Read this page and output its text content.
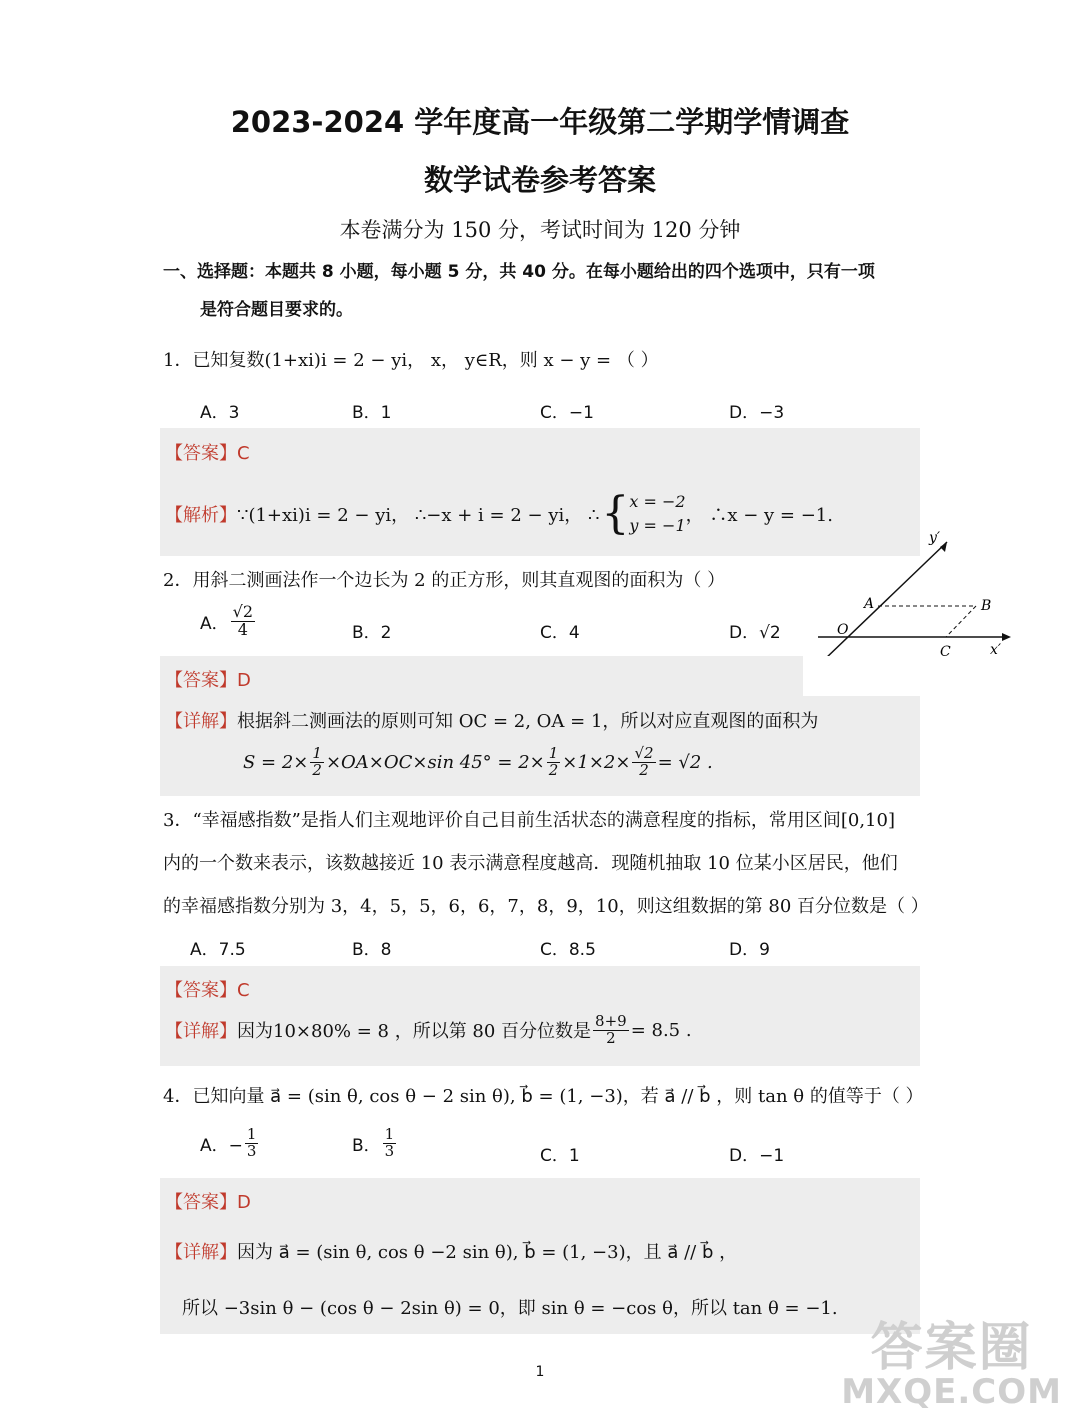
2023-2024 学年度高一年级第二学期学情调查
数学试卷参考答案
本卷满分为 150 分，考试时间为 120 分钟
一、选择题：本题共 8 小题，每小题 5 分，共 40 分。在每小题给出的四个选项中，只有一项
是符合题目要求的。
1．已知复数(1+xi)i = 2 − yi， x， y∈R，则 x − y = （ ）
A．3	B．1	C．−1	D．−3
【答案】C
【解析】 ∵(1+xi)i = 2 − yi， ∴−x + i = 2 − yi， ∴ { x = −2
y = −1 ， ∴x − y = −1.
y′
x′
A	B
O
C
2．用斜二测画法作一个边长为 2 的正方形，则其直观图的面积为（ ）
A． $\frac{√2}{4}$	B．2	C．4	D．√2
【答案】D
【详解】根据斜二测画法的原则可知 OC = 2, OA = 1，所以对应直观图的面积为
$S = 2\times \frac{1}{2} \times OA\times OC\times\sin$ $45^\circ = 2\times \frac{1}{2} \times 1\times 2\times \frac{√2}{2} = √2$ .
3．“幸福感指数”是指人们主观地评价自己目前生活状态的满意程度的指标，常用区间[0,10]
内的一个数来表示，该数越接近 10 表示满意程度越高．现随机抽取 10 位某小区居民，他们
的幸福感指数分别为 3，4，5，5，6，6，7，8，9，10，则这组数据的第 80 百分位数是（ ）
A．7.5	B．8	C．8.5	D．9
【答案】C
【详解】 因为10×80% = 8 ，所以第 80 百分位数是 $\frac{8+9}{2} = 8.5$ .
4．已知向量 a⃗ = (sin θ, cos θ − 2 sin θ), b⃗ = (1, −3)，若 a⃗ // b⃗ ，则 tan θ 的值等于（ ）
A．− $\frac{1}{3}$	B． $\frac{1}{3}$	C．1	D．−1
【答案】D
【详解】因为 a⃗ = (sin θ, cos θ −2 sin θ), b⃗ = (1, −3)，且 a⃗ // b⃗ ，
所以 −3sin θ − (cos θ − 2sin θ) = 0，即 sin θ = −cos θ，所以 tan θ = −1.
1	答案圈
MXQE.COM
